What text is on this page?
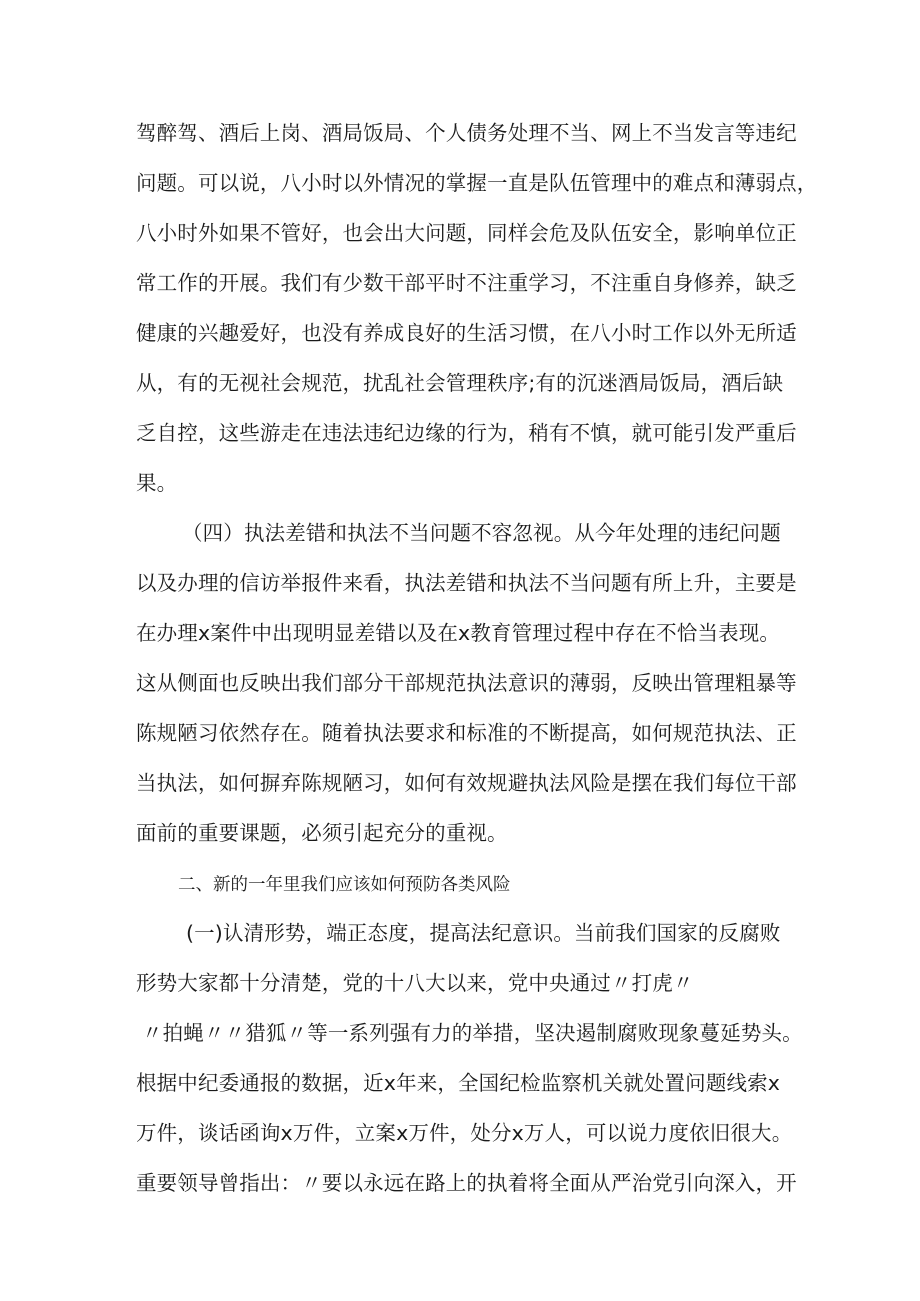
驾醉驾、酒后上岗、酒局饭局、个人债务处理不当、网上不当发言等违纪

问题。可以说，八小时以外情况的掌握一直是队伍管理中的难点和薄弱点，

八小时外如果不管好，也会出大问题，同样会危及队伍安全，影响单位正

常工作的开展。我们有少数干部平时不注重学习，不注重自身修养，缺乏

健康的兴趣爱好，也没有养成良好的生活习惯，在八小时工作以外无所适

从，有的无视社会规范，扰乱社会管理秩序;有的沉迷酒局饭局，酒后缺

乏自控，这些游走在违法违纪边缘的行为，稍有不慎，就可能引发严重后

果。

（四）执法差错和执法不当问题不容忽视。从今年处理的违纪问题

以及办理的信访举报件来看，执法差错和执法不当问题有所上升，主要是

在办理x案件中出现明显差错以及在x教育管理过程中存在不恰当表现。

这从侧面也反映出我们部分干部规范执法意识的薄弱，反映出管理粗暴等

陈规陋习依然存在。随着执法要求和标准的不断提高，如何规范执法、正

当执法，如何摒弃陈规陋习，如何有效规避执法风险是摆在我们每位干部

面前的重要课题，必须引起充分的重视。

二、新的一年里我们应该如何预防各类风险

(一)认清形势，端正态度，提高法纪意识。当前我们国家的反腐败

形势大家都十分清楚，党的十八大以来，党中央通过〃打虎〃

〃拍蝇〃〃猎狐〃等一系列强有力的举措，坚决遏制腐败现象蔓延势头。

根据中纪委通报的数据，近x年来，全国纪检监察机关就处置问题线索x

万件，谈话函询x万件，立案x万件，处分x万人，可以说力度依旧很大。

重要领导曾指出：〃要以永远在路上的执着将全面从严治党引向深入，开
